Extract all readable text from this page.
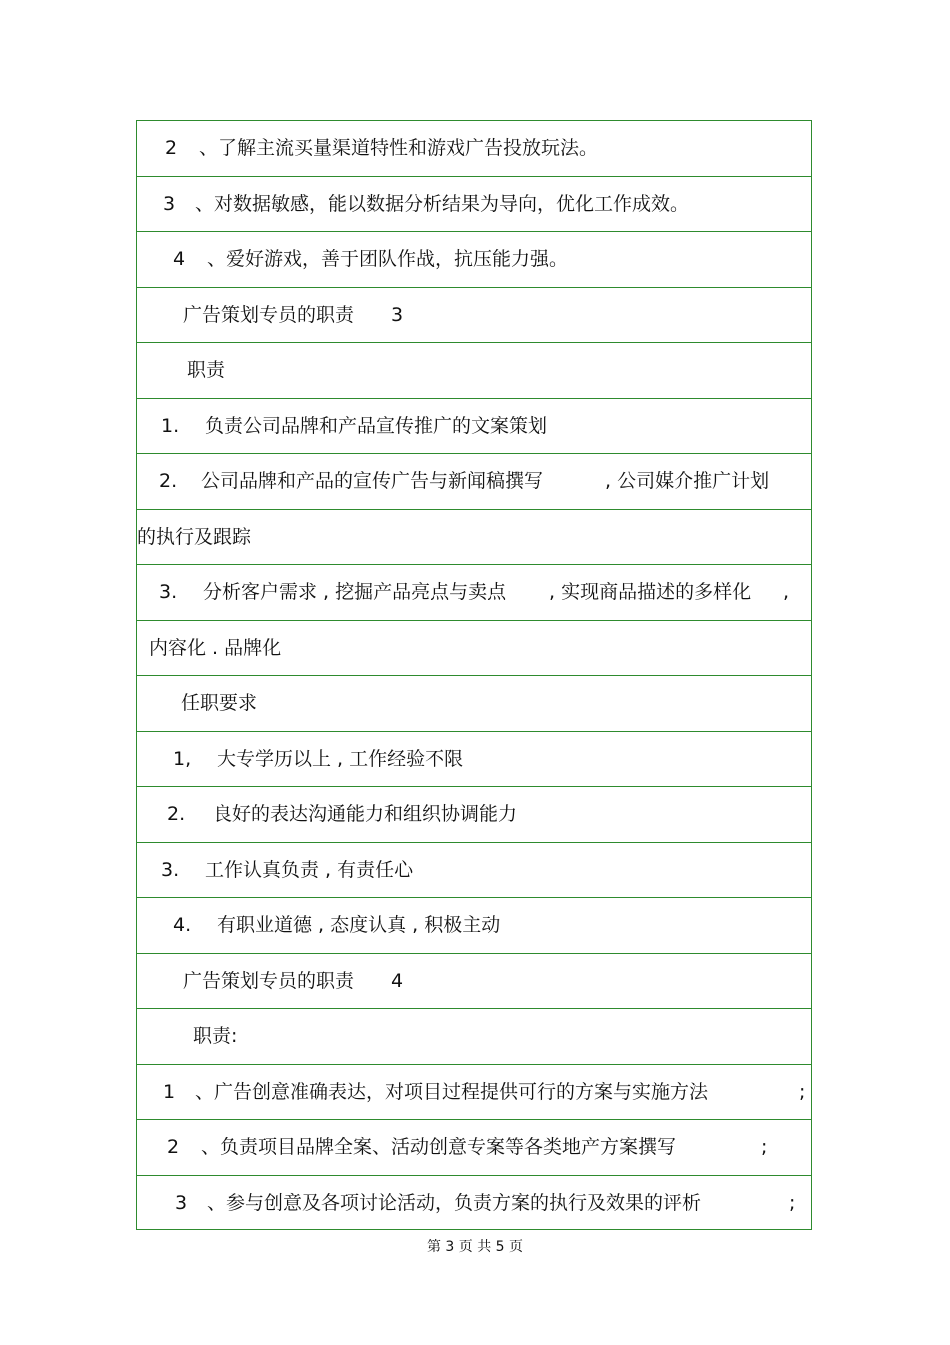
2 、了解主流买量渠道特性和游戏广告投放玩法。
3 、对数据敏感，能以数据分析结果为导向，优化工作成效。
4 、爱好游戏，善于团队作战，抗压能力强。
广告策划专员的职责 3
职责
1. 负责公司品牌和产品宣传推广的文案策划
2. 公司品牌和产品的宣传广告与新闻稿撰写	, 公司媒介推广计划
的执行及跟踪
3. 分析客户需求 , 挖掘产品亮点与卖点 , 实现商品描述的多样化 ,
内容化 . 品牌化
任职要求
1, 大专学历以上 , 工作经验不限
2. 良好的表达沟通能力和组织协调能力
3. 工作认真负责 , 有责任心
4. 有职业道德 , 态度认真 , 积极主动
广告策划专员的职责 4
职责:
1 、广告创意准确表达，对项目过程提供可行的方案与实施方法	;
2 、负责项目品牌全案、活动创意专案等各类地产方案撰写	;
3 、参与创意及各项讨论活动，负责方案的执行及效果的评析	;
第 3 页 共 5 页
